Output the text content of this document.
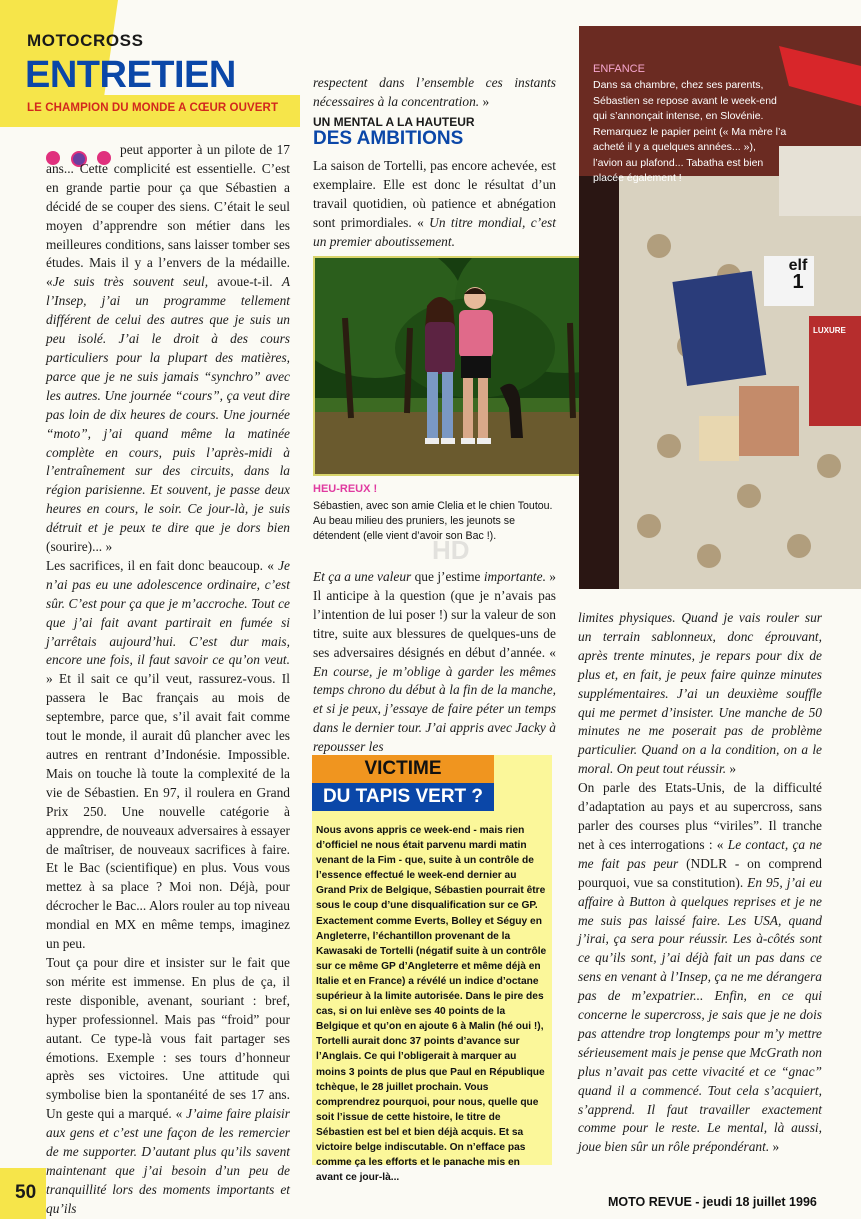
MOTOCROSS
ENTRETIEN
LE CHAMPION DU MONDE A CŒUR OUVERT

peut apporter à un pilote de 17 ans... Cette complicité est essentielle. C’est en grande partie pour ça que Sébastien a décidé de se couper des siens. C’était le seul moyen d’apprendre son métier dans les meilleures conditions, sans laisser tomber ses études. Mais il y a l’envers de la médaille. «Je suis très souvent seul, avoue-t-il. A l’Insep, j’ai un programme tellement différent de celui des autres que je suis un peu isolé. J’ai le droit à des cours particuliers pour la plupart des matières, parce que je ne suis jamais “synchro” avec les autres. Une journée “cours”, ça veut dire pas loin de dix heures de cours. Une journée “moto”, j’ai quand même la matinée complète en cours, puis l’après-midi à l’entraînement sur des circuits, dans la région parisienne. Et souvent, je passe deux heures en cours, le soir. Ce jour-là, je suis détruit et je peux te dire que je dors bien (sourire)... »

Les sacrifices, il en fait donc beaucoup. « Je n’ai pas eu une adolescence ordinaire, c’est sûr. C’est pour ça que je m’accroche. Tout ce que j’ai fait avant partirait en fumée si j’arrêtais aujourd’hui. C’est dur mais, encore une fois, il faut savoir ce qu’on veut. » Et il sait ce qu’il veut, rassurez-vous. Il passera le Bac français au mois de septembre, parce que, s’il avait fait comme tout le monde, il aurait dû plancher avec les autres en rentrant d’Indonésie. Impossible. Mais on touche là toute la complexité de la vie de Sébastien. En 97, il roulera en Grand Prix 250. Une nouvelle catégorie à apprendre, de nouveaux adversaires à essayer de maîtriser, de nouveaux sacrifices à faire. Et le Bac (scientifique) en plus. Vous vous mettez à sa place ? Moi non. Déjà, pour décrocher le Bac... Alors rouler au top niveau mondial en MX en même temps, imaginez un peu.

Tout ça pour dire et insister sur le fait que son mérite est immense. En plus de ça, il reste disponible, avenant, souriant : bref, hyper professionnel. Mais pas “froid” pour autant. Ce type-là vous fait partager ses émotions. Exemple : ses tours d’honneur après ses victoires. Une attitude qui symbolise bien la spontanéité de ses 17 ans. Un geste qui a marqué. « J’aime faire plaisir aux gens et c’est une façon de les remercier de me supporter. D’autant plus qu’ils savent maintenant que j’ai besoin d’un peu de tranquillité lors des moments importants et qu’ils

respectent dans l’ensemble ces instants nécessaires à la concentration. »

UN MENTAL A LA HAUTEUR
DES AMBITIONS

La saison de Tortelli, pas encore achevée, est exemplaire. Elle est donc le résultat d’un travail quotidien, où patience et abnégation sont primordiales. « Un titre mondial, c’est un premier aboutissement.

HEU-REUX !
Sébastien, avec son amie Clelia et le chien Toutou. Au beau milieu des pruniers, les jeunots se détendent (elle vient d’avoir son Bac !).

Et ça a une valeur que j’estime importante. » Il anticipe à la question (que je n’avais pas l’intention de lui poser !) sur la valeur de son titre, suite aux blessures de quelques-uns de ses adversaires désignés en début d’année. « En course, je m’oblige à garder les mêmes temps chrono du début à la fin de la manche, et si je peux, j’essaye de faire péter un temps dans le dernier tour. J’ai appris avec Jacky à repousser les

VICTIME
DU TAPIS VERT ?
Nous avons appris ce week-end - mais rien d’officiel ne nous était parvenu mardi matin venant de la Fim - que, suite à un contrôle de l’essence effectué le week-end dernier au Grand Prix de Belgique, Sébastien pourrait être sous le coup d’une disqualification sur ce GP. Exactement comme Everts, Bolley et Séguy en Angleterre, l’échantillon provenant de la Kawasaki de Tortelli (négatif suite à un contrôle sur ce même GP d’Angleterre et même déjà en Italie et en France) a révélé un indice d’octane supérieur à la limite autorisée. Dans le pire des cas, si on lui enlève ses 40 points de la Belgique et qu’on en ajoute 6 à Malin (hé oui !), Tortelli aurait donc 37 points d’avance sur l’Anglais. Ce qui l’obligerait à marquer au moins 3 points de plus que Paul en République tchèque, le 28 juillet prochain. Vous comprendrez pourquoi, pour nous, quelle que soit l’issue de cette histoire, le titre de Sébastien est bel et bien déjà acquis. Et sa victoire belge indiscutable. On n’efface pas comme ça les efforts et le panache mis en avant ce jour-là...
elf
1
LUXURE
ENFANCE
Dans sa chambre, chez ses parents, Sébastien se repose avant le week-end qui s’annonçait intense, en Slovénie. Remarquez le papier peint (« Ma mère l’a acheté il y a quelques années... »), l’avion au plafond... Tabatha est bien placée également !

limites physiques. Quand je vais rouler sur un terrain sablonneux, donc éprouvant, après trente minutes, je repars pour dix de plus et, en fait, je peux faire quinze minutes supplémentaires. J’ai un deuxième souffle qui me permet d’insister. Une manche de 50 minutes ne me poserait pas de problème particulier. Quand on a la condition, on a le moral. On peut tout réussir. »

On parle des Etats-Unis, de la difficulté d’adaptation au pays et au supercross, sans parler des courses plus “viriles”. Il tranche net à ces interrogations : « Le contact, ça ne me fait pas peur (NDLR - on comprend pourquoi, vue sa constitution). En 95, j’ai eu affaire à Button à quelques reprises et je ne me suis pas laissé faire. Les USA, quand j’irai, ça sera pour réussir. Les à-côtés sont ce qu’ils sont, j’ai déjà fait un pas dans ce sens en venant à l’Insep, ça ne me dérangera pas de m’expatrier... Enfin, en ce qui concerne le supercross, je sais que je ne dois pas attendre trop longtemps pour m’y mettre sérieusement mais je pense que McGrath non plus n’avait pas cette vivacité et ce “gnac” quand il a commencé. Tout cela s’acquiert, s’apprend. Il faut travailler exactement comme pour le reste. Le mental, là aussi, joue bien sûr un rôle prépondérant. »

HD
50	MOTO REVUE - jeudi 18 juillet 1996
